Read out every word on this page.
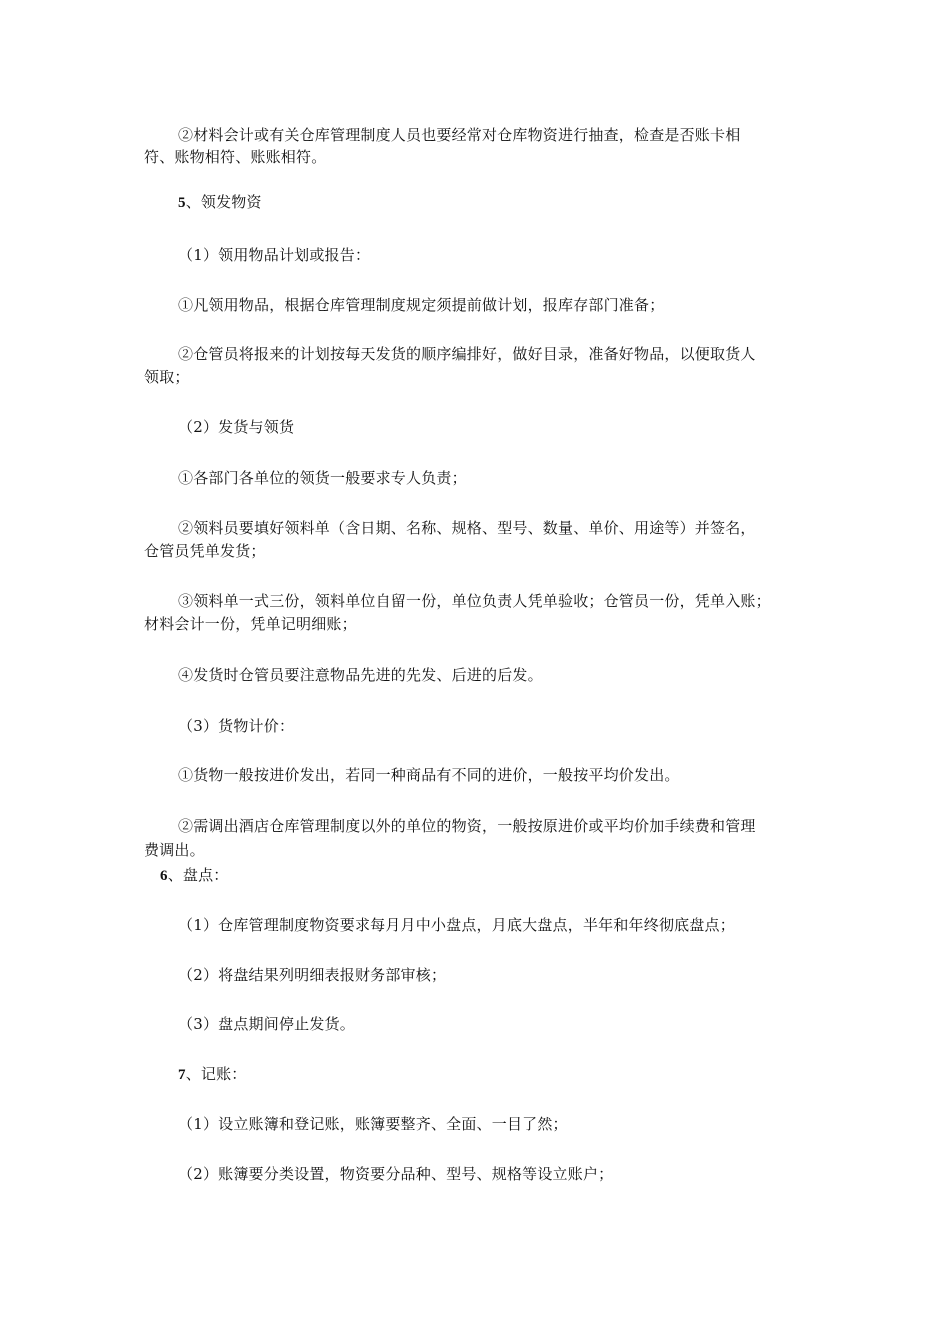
②材料会计或有关仓库管理制度人员也要经常对仓库物资进行抽查，检查是否账卡相
符、账物相符、账账相符。
5、领发物资
（1）领用物品计划或报告：
①凡领用物品，根据仓库管理制度规定须提前做计划，报库存部门准备；
②仓管员将报来的计划按每天发货的顺序编排好，做好目录，准备好物品，以便取货人
领取；
（2）发货与领货
①各部门各单位的领货一般要求专人负责；
②领料员要填好领料单（含日期、名称、规格、型号、数量、单价、用途等）并签名，
仓管员凭单发货；
③领料单一式三份，领料单位自留一份，单位负责人凭单验收；仓管员一份，凭单入账；
材料会计一份，凭单记明细账；
④发货时仓管员要注意物品先进的先发、后进的后发。
（3）货物计价：
①货物一般按进价发出，若同一种商品有不同的进价，一般按平均价发出。
②需调出酒店仓库管理制度以外的单位的物资，一般按原进价或平均价加手续费和管理
费调出。
6、盘点：
（1）仓库管理制度物资要求每月月中小盘点，月底大盘点，半年和年终彻底盘点；
（2）将盘结果列明细表报财务部审核；
（3）盘点期间停止发货。
7、记账：
（1）设立账簿和登记账，账簿要整齐、全面、一目了然；
（2）账簿要分类设置，物资要分品种、型号、规格等设立账户；
